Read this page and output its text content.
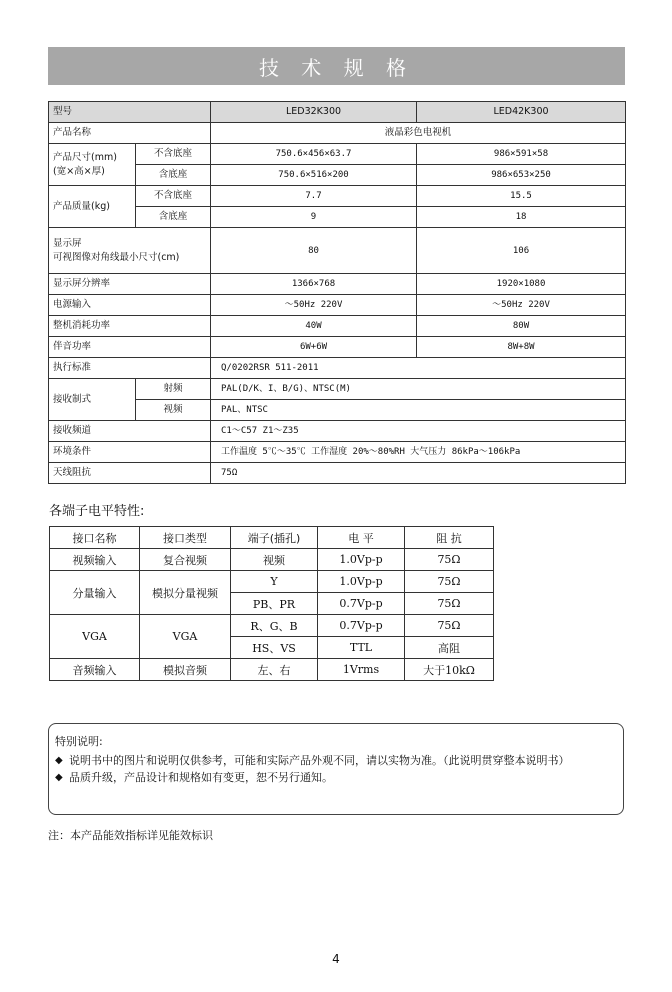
技 术 规 格
型号		LED32K300	LED42K300
产品名称		液晶彩色电视机	
产品尺寸(mm)
(宽×高×厚)	不含底座	750.6×456×63.7	986×591×58
	含底座	750.6×516×200	986×653×250
产品质量(kg)	不含底座	7.7	15.5
	含底座	9	18
显示屏
可视图像对角线最小尺寸(cm)		80	106
显示屏分辨率		1366×768	1920×1080
电源输入		～50Hz 220V	～50Hz 220V
整机消耗功率		40W	80W
伴音功率		6W+6W	8W+8W
执行标准		Q/0202RSR 511-2011	
接收制式	射频	PAL(D/K、I、B/G)、NTSC(M)	
	视频	PAL、NTSC	
接收频道		C1～C57 Z1～Z35	
环境条件		工作温度 5℃～35℃ 工作湿度 20%～80%RH 大气压力 86kPa～106kPa	
天线阻抗		75Ω	
各端子电平特性:
接口名称	接口类型	端子(插孔)	电 平	阻 抗
视频输入	复合视频	视频	1.0Vp-p	75Ω
分量输入	模拟分量视频	Y	1.0Vp-p	75Ω
		PB、PR	0.7Vp-p	75Ω
VGA	VGA	R、G、B	0.7Vp-p	75Ω
		HS、VS	TTL	高阻
音频输入	模拟音频	左、右	1Vrms	大于10kΩ
特别说明:
◆ 说明书中的图片和说明仅供参考，可能和实际产品外观不同，请以实物为准。（此说明贯穿整本说明书）
◆ 品质升级，产品设计和规格如有变更，恕不另行通知。
注：本产品能效指标详见能效标识
4
